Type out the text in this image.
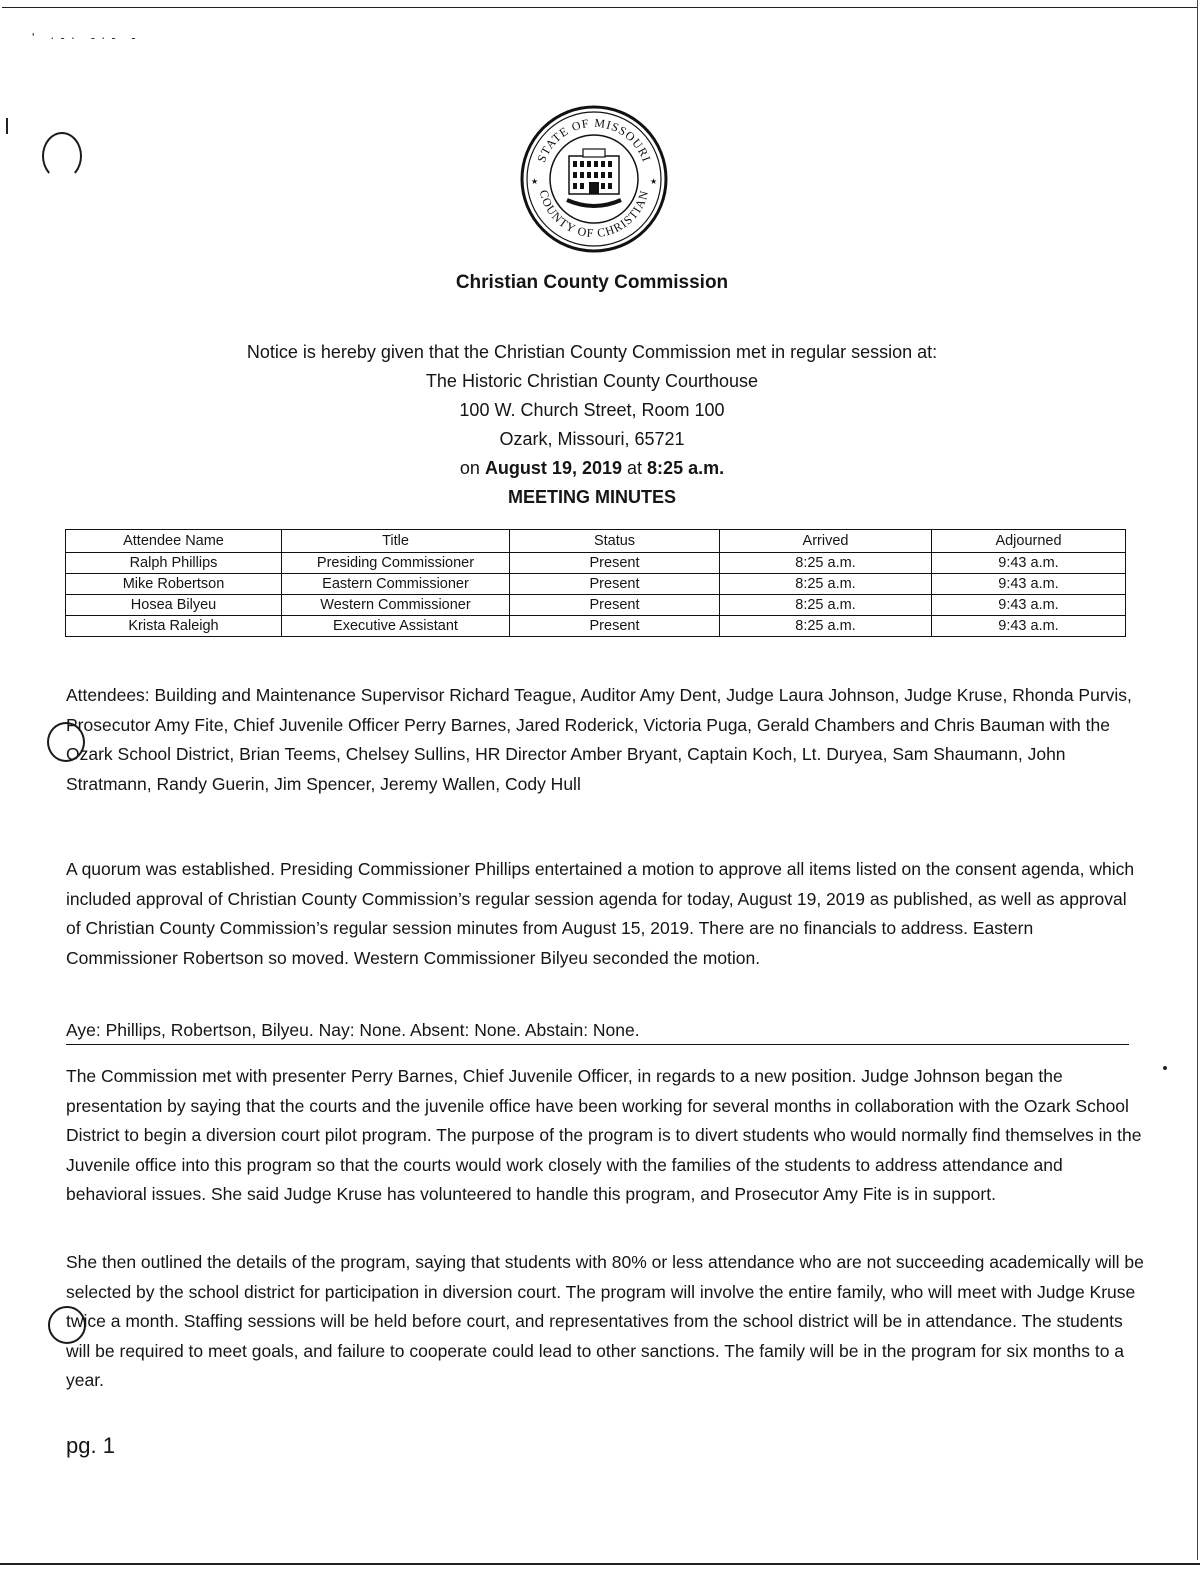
' ·-· -·- -
STATE OF MISSOURI
COUNTY OF CHRISTIAN
★	★
Christian County Commission
Notice is hereby given that the Christian County Commission met in regular session at:
The Historic Christian County Courthouse
100 W. Church Street, Room 100
Ozark, Missouri, 65721
on August 19, 2019 at 8:25 a.m.
MEETING MINUTES
Attendee Name	Title	Status	Arrived	Adjourned
Ralph Phillips	Presiding Commissioner	Present	8:25 a.m.	9:43 a.m.
Mike Robertson	Eastern Commissioner	Present	8:25 a.m.	9:43 a.m.
Hosea Bilyeu	Western Commissioner	Present	8:25 a.m.	9:43 a.m.
Krista Raleigh	Executive Assistant	Present	8:25 a.m.	9:43 a.m.
Attendees: Building and Maintenance Supervisor Richard Teague, Auditor Amy Dent, Judge Laura Johnson, Judge Kruse, Rhonda Purvis, Prosecutor Amy Fite, Chief Juvenile Officer Perry Barnes, Jared Roderick, Victoria Puga, Gerald Chambers and Chris Bauman with the Ozark School District, Brian Teems, Chelsey Sullins, HR Director Amber Bryant, Captain Koch, Lt. Duryea, Sam Shaumann, John Stratmann, Randy Guerin, Jim Spencer, Jeremy Wallen, Cody Hull
A quorum was established. Presiding Commissioner Phillips entertained a motion to approve all items listed on the consent agenda, which included approval of Christian County Commission’s regular session agenda for today, August 19, 2019 as published, as well as approval of Christian County Commission’s regular session minutes from August 15, 2019. There are no financials to address. Eastern Commissioner Robertson so moved. Western Commissioner Bilyeu seconded the motion.
Aye: Phillips, Robertson, Bilyeu. Nay: None. Absent: None. Abstain: None.
The Commission met with presenter Perry Barnes, Chief Juvenile Officer, in regards to a new position. Judge Johnson began the presentation by saying that the courts and the juvenile office have been working for several months in collaboration with the Ozark School District to begin a diversion court pilot program. The purpose of the program is to divert students who would normally find themselves in the Juvenile office into this program so that the courts would work closely with the families of the students to address attendance and behavioral issues. She said Judge Kruse has volunteered to handle this program, and Prosecutor Amy Fite is in support.
She then outlined the details of the program, saying that students with 80% or less attendance who are not succeeding academically will be selected by the school district for participation in diversion court. The program will involve the entire family, who will meet with Judge Kruse twice a month. Staffing sessions will be held before court, and representatives from the school district will be in attendance. The students will be required to meet goals, and failure to cooperate could lead to other sanctions. The family will be in the program for six months to a year.
pg. 1
